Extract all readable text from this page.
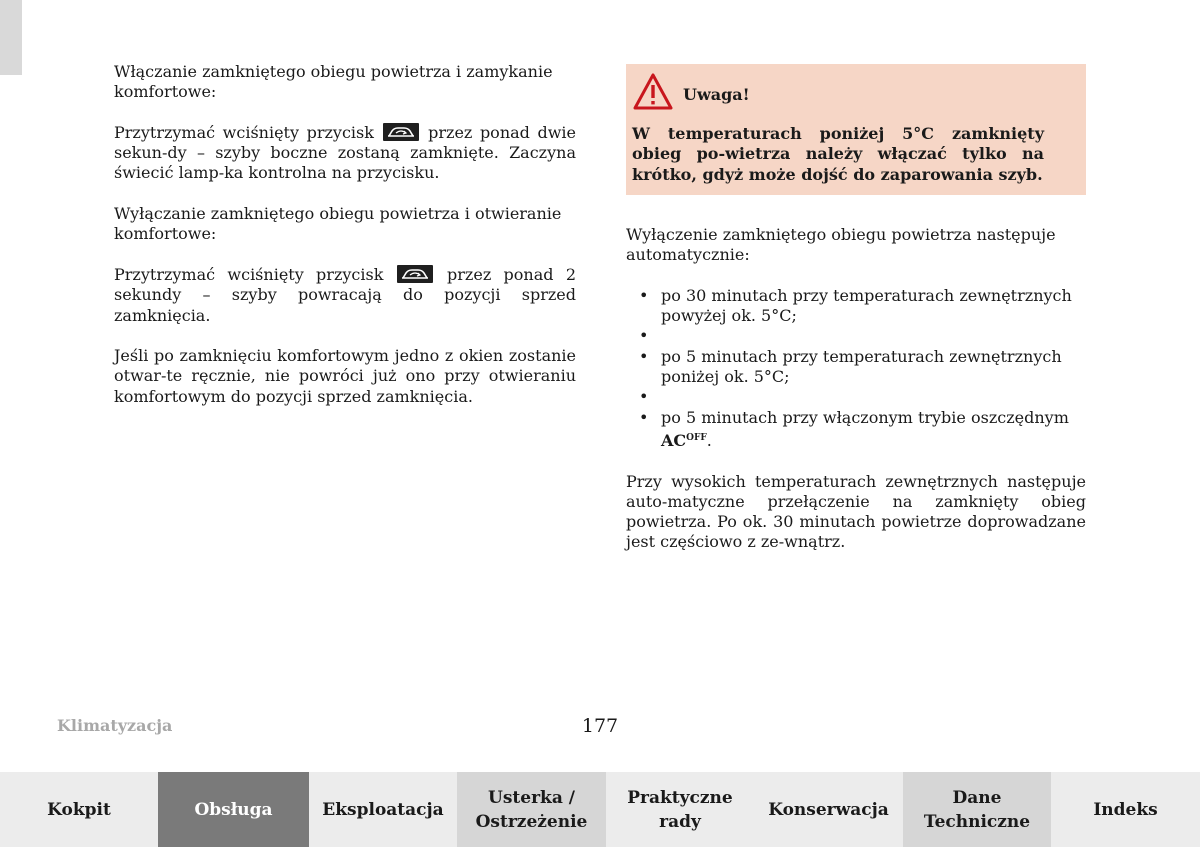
Włączanie zamkniętego obiegu powietrza i zamykanie komfortowe:

Przytrzymać wciśnięty przycisk	przez ponad dwie sekun-dy – szyby boczne zostaną zamknięte. Zaczyna świecić lamp-ka kontrolna na przycisku.

Wyłączanie zamkniętego obiegu powietrza i otwieranie komfortowe:

Przytrzymać wciśnięty przycisk	przez ponad 2 sekundy – szyby powracają do pozycji sprzed zamknięcia.

Jeśli po zamknięciu komfortowym jedno z okien zostanie otwar-te ręcznie, nie powróci już ono przy otwieraniu komfortowym do pozycji sprzed zamknięcia.

Uwaga!
W temperaturach poniżej 5°C zamknięty obieg po-wietrza należy włączać tylko na krótko, gdyż może dojść do zaparowania szyb.

Wyłączenie zamkniętego obiegu powietrza następuje automatycznie:

• po 30 minutach przy temperaturach zewnętrznych powyżej ok. 5°C;
•
• po 5 minutach przy temperaturach zewnętrznych poniżej ok. 5°C;
•
• po 5 minutach przy włączonym trybie oszczędnym $AC^{OFF}$.

Przy wysokich temperaturach zewnętrznych następuje auto-matyczne przełączenie na zamknięty obieg powietrza. Po ok. 30 minutach powietrze doprowadzane jest częściowo z ze-wnątrz.

Klimatyzacja	177
Kokpit	Obsługa	Eksploatacja
Usterka /
Ostrzeżenie
Praktyczne
rady
Konserwacja
Dane
Techniczne
Indeks
